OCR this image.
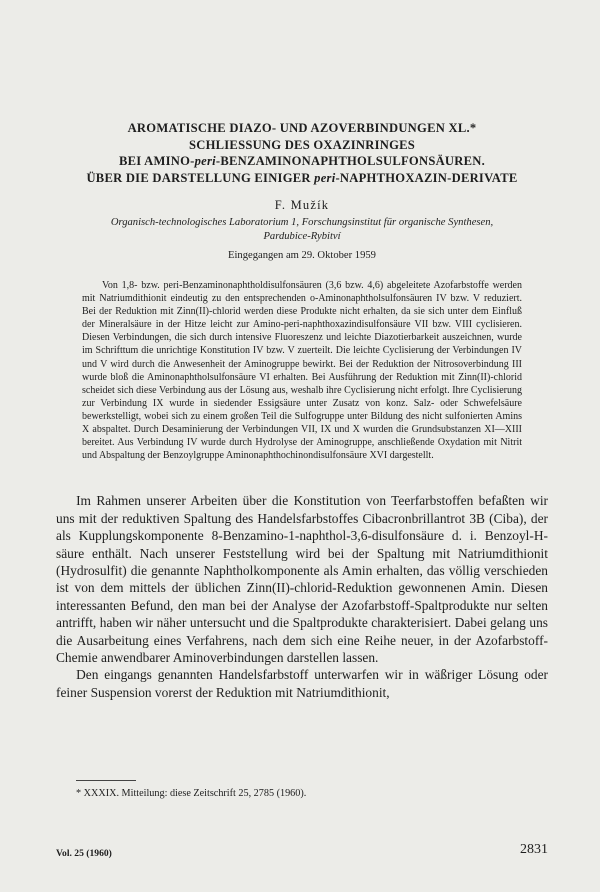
AROMATISCHE DIAZO- UND AZOVERBINDUNGEN XL.*
SCHLIESSUNG DES OXAZINRINGES
BEI AMINO-peri-BENZAMINONAPHTHOLSULFONSÄUREN.
ÜBER DIE DARSTELLUNG EINIGER peri-NAPHTHOXAZIN-DERIVATE
F. Mužík
Organisch-technologisches Laboratorium 1, Forschungsinstitut für organische Synthesen,
Pardubice-Rybitví
Eingegangen am 29. Oktober 1959

Von 1,8- bzw. peri-Benzaminonaphtholdisulfonsäuren (3,6 bzw. 4,6) abgeleitete Azofarbstoffe werden mit Natriumdithionit eindeutig zu den entsprechenden o-Aminonaphtholsulfonsäuren IV bzw. V reduziert. Bei der Reduktion mit Zinn(II)-chlorid werden diese Produkte nicht erhalten, da sie sich unter dem Einfluß der Mineralsäure in der Hitze leicht zur Amino-peri-naphthoxazindisulfonsäure VII bzw. VIII cyclisieren. Diesen Verbindungen, die sich durch intensive Fluoreszenz und leichte Diazotierbarkeit auszeichnen, wurde im Schrifttum die unrichtige Konstitution IV bzw. V zuerteilt. Die leichte Cyclisierung der Verbindungen IV und V wird durch die Anwesenheit der Aminogruppe bewirkt. Bei der Reduktion der Nitrosoverbindung III wurde bloß die Aminonaphtholsulfonsäure VI erhalten. Bei Ausführung der Reduktion mit Zinn(II)-chlorid scheidet sich diese Verbindung aus der Lösung aus, weshalb ihre Cyclisierung nicht erfolgt. Ihre Cyclisierung zur Verbindung IX wurde in siedender Essigsäure unter Zusatz von konz. Salz- oder Schwefelsäure bewerkstelligt, wobei sich zu einem großen Teil die Sulfogruppe unter Bildung des nicht sulfonierten Amins X abspaltet. Durch Desaminierung der Verbindungen VII, IX und X wurden die Grundsubstanzen XI—XIII bereitet. Aus Verbindung IV wurde durch Hydrolyse der Aminogruppe, anschließende Oxydation mit Nitrit und Abspaltung der Benzoylgruppe Aminonaphthochinondisulfonsäure XVI dargestellt.

Im Rahmen unserer Arbeiten über die Konstitution von Teerfarbstoffen befaßten wir uns mit der reduktiven Spaltung des Handelsfarbstoffes Cibacronbrillantrot 3B (Ciba), der als Kupplungskomponente 8-Benzamino-1-naphthol-3,6-disulfonsäure d. i. Benzoyl-H-säure enthält. Nach unserer Feststellung wird bei der Spaltung mit Natriumdithionit (Hydrosulfit) die genannte Naphtholkomponente als Amin erhalten, das völlig verschieden ist von dem mittels der üblichen Zinn(II)-chlorid-Reduktion gewonnenen Amin. Diesen interessanten Befund, den man bei der Analyse der Azofarbstoff-Spaltprodukte nur selten antrifft, haben wir näher untersucht und die Spaltprodukte charakterisiert. Dabei gelang uns die Ausarbeitung eines Verfahrens, nach dem sich eine Reihe neuer, in der Azofarbstoff-Chemie anwendbarer Aminoverbindungen darstellen lassen.

Den eingangs genannten Handelsfarbstoff unterwarfen wir in wäßriger Lösung oder feiner Suspension vorerst der Reduktion mit Natriumdithionit,

* XXXIX. Mitteilung: diese Zeitschrift 25, 2785 (1960).
Vol. 25 (1960)	2831
